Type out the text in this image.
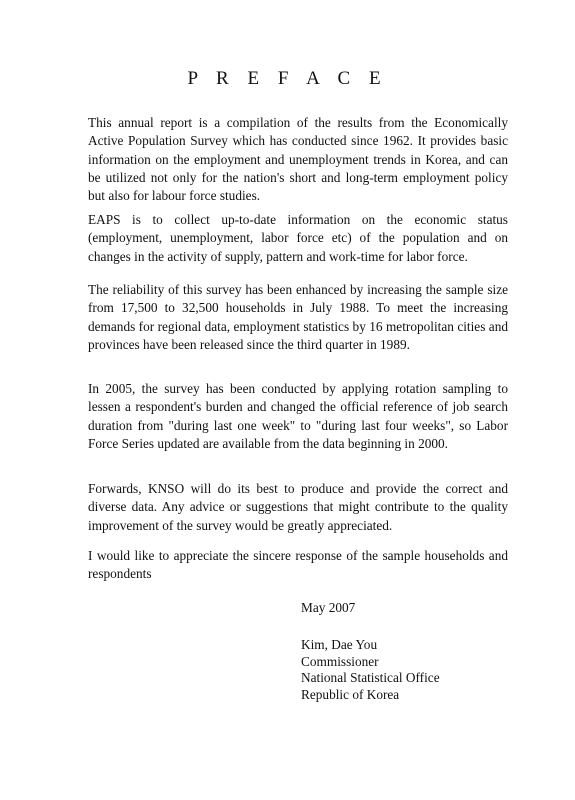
P R E F A C E

This annual report is a compilation of the results from the Economically Active Population Survey which has conducted since 1962. It provides basic information on the employment and unemployment trends in Korea, and can be utilized not only for the nation's short and long-term employment policy but also for labour force studies.

EAPS is to collect up-to-date information on the economic status (employment, unemployment, labor force etc) of the population and on changes in the activity of supply, pattern and work-time for labor force.

The reliability of this survey has been enhanced by increasing the sample size from 17,500 to 32,500 households in July 1988. To meet the increasing demands for regional data, employment statistics by 16 metropolitan cities and provinces have been released since the third quarter in 1989.

In 2005, the survey has been conducted by applying rotation sampling to lessen a respondent's burden and changed the official reference of job search duration from "during last one week" to "during last four weeks", so Labor Force Series updated are available from the data beginning in 2000.

Forwards, KNSO will do its best to produce and provide the correct and diverse data. Any advice or suggestions that might contribute to the quality improvement of the survey would be greatly appreciated.

I would like to appreciate the sincere response of the sample households and respondents

May 2007

Kim, Dae You
Commissioner
National Statistical Office
Republic of Korea
